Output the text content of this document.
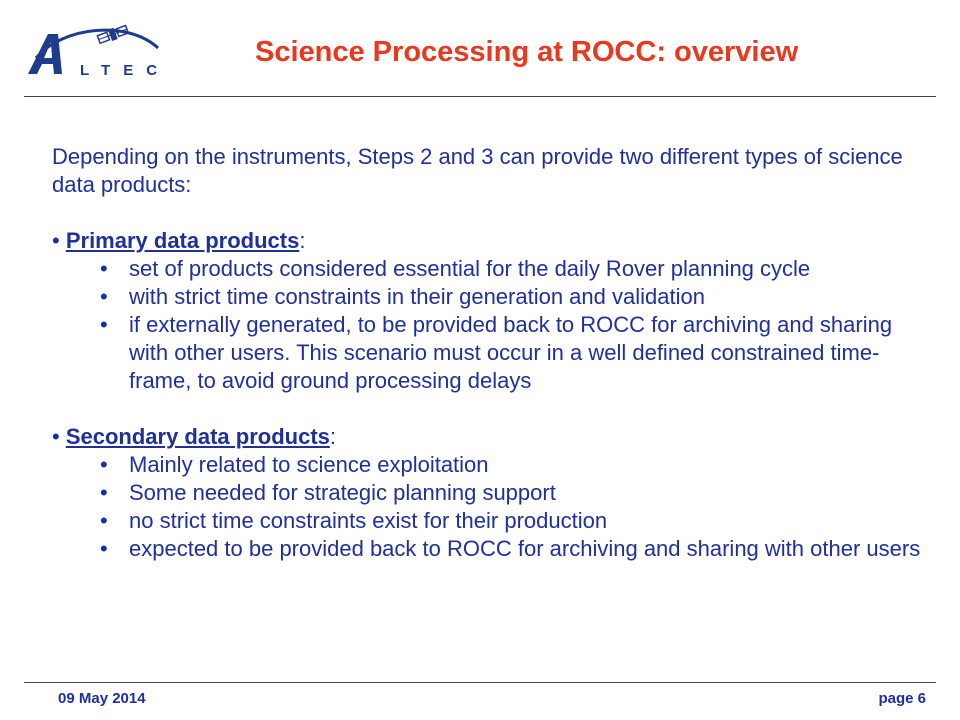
LTEC
Science Processing at ROCC: overview

Depending on the instruments, Steps 2 and 3 can provide two different types of science data products:

• Primary data products:

• set of products considered essential for the daily Rover planning cycle
• with strict time constraints in their generation and validation
• if externally generated, to be provided back to ROCC for archiving and sharing with other users. This scenario must occur in a well defined constrained time-frame, to avoid ground processing delays

• Secondary data products:

• Mainly related to science exploitation
• Some needed for strategic planning support
• no strict time constraints exist for their production
• expected to be provided back to ROCC for archiving and sharing with other users
09 May 2014	page 6
